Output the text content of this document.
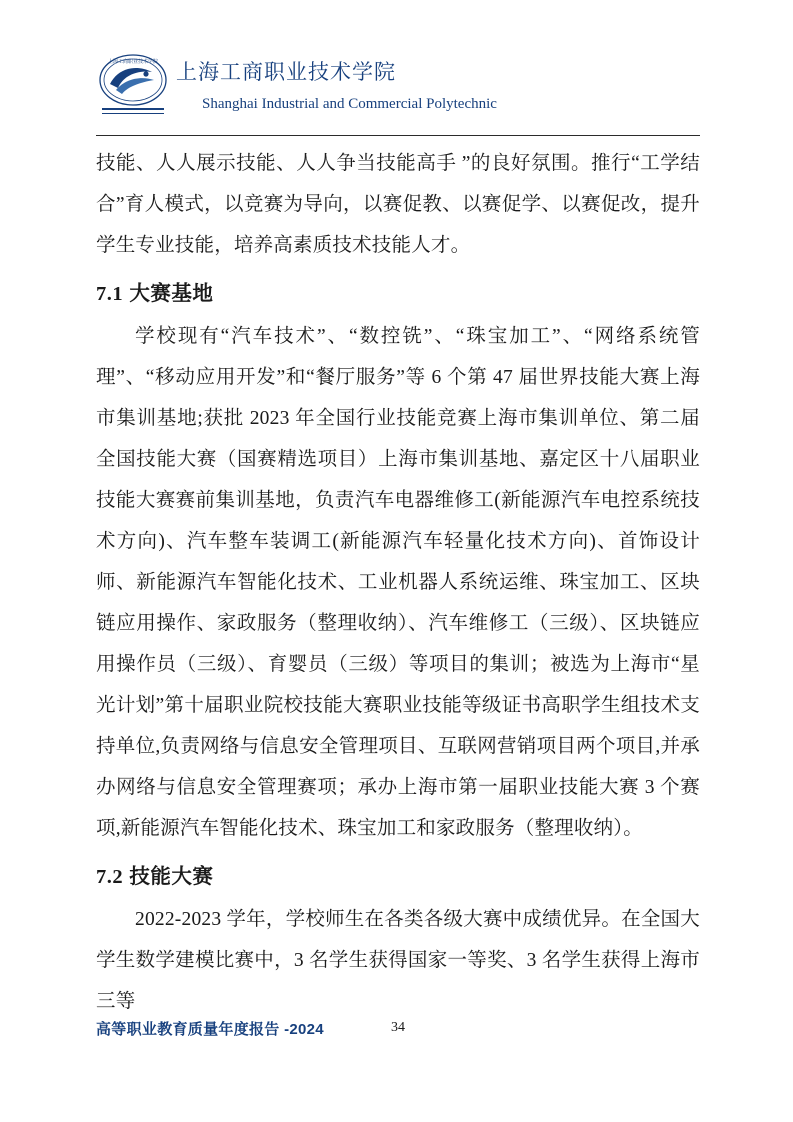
上海工商职业技术学院 上海工商职业技术学院
Shanghai Industrial and Commercial Polytechnic

技能、人人展示技能、人人争当技能高手 ”的良好氛围。推行“工学结合”育人模式，以竞赛为导向，以赛促教、以赛促学、以赛促改，提升学生专业技能，培养高素质技术技能人才。

7.1 大赛基地

学校现有“汽车技术”、“数控铣”、“珠宝加工”、“网络系统管理”、“移动应用开发”和“餐厅服务”等 6 个第 47 届世界技能大赛上海市集训基地;获批 2023 年全国行业技能竞赛上海市集训单位、第二届全国技能大赛（国赛精选项目）上海市集训基地、嘉定区十八届职业技能大赛赛前集训基地，负责汽车电器维修工(新能源汽车电控系统技术方向)、汽车整车装调工(新能源汽车轻量化技术方向)、首饰设计师、新能源汽车智能化技术、工业机器人系统运维、珠宝加工、区块链应用操作、家政服务（整理收纳）、汽车维修工（三级）、区块链应用操作员（三级）、育婴员（三级）等项目的集训；被选为上海市“星光计划”第十届职业院校技能大赛职业技能等级证书高职学生组技术支持单位,负责网络与信息安全管理项目、互联网营销项目两个项目,并承办网络与信息安全管理赛项；承办上海市第一届职业技能大赛 3 个赛项,新能源汽车智能化技术、珠宝加工和家政服务（整理收纳）。

7.2 技能大赛

2022-2023 学年，学校师生在各类各级大赛中成绩优异。在全国大学生数学建模比赛中，3 名学生获得国家一等奖、3 名学生获得上海市三等

高等职业教育质量年度报告 -2024	34
